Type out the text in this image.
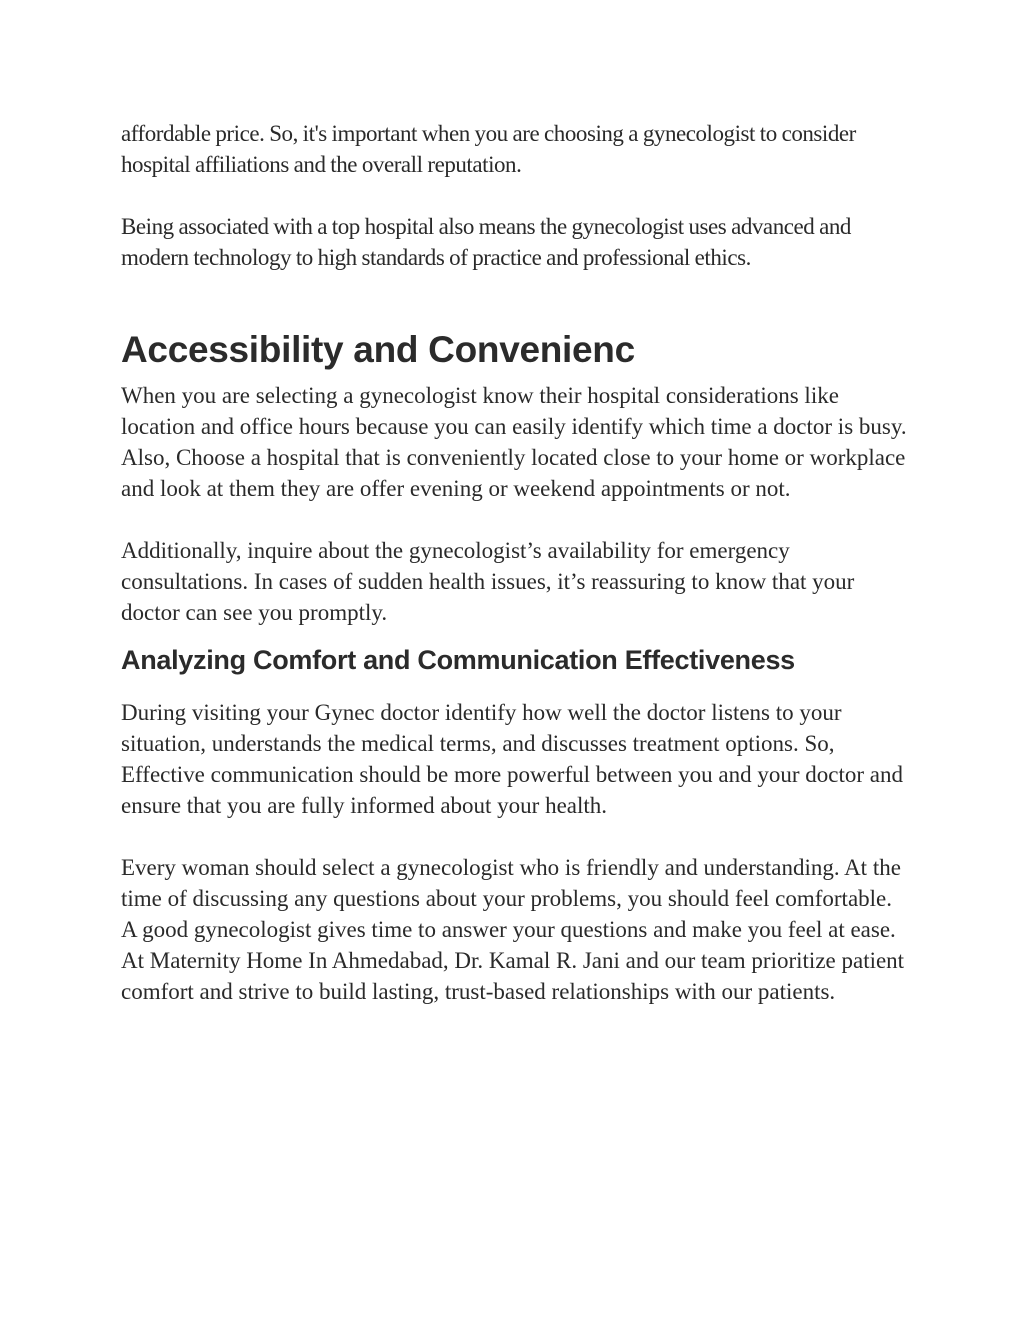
affordable price. So, it's important when you are choosing a gynecologist to consider hospital affiliations and the overall reputation.

Being associated with a top hospital also means the gynecologist uses advanced and modern technology to high standards of practice and professional ethics.

Accessibility and Convenienc

When you are selecting a gynecologist know their hospital considerations like location and office hours because you can easily identify which time a doctor is busy. Also, Choose a hospital that is conveniently located close to your home or workplace and look at them they are offer evening or weekend appointments or not.

Additionally, inquire about the gynecologist’s availability for emergency consultations. In cases of sudden health issues, it’s reassuring to know that your doctor can see you promptly.

Analyzing Comfort and Communication Effectiveness

During visiting your Gynec doctor identify how well the doctor listens to your situation, understands the medical terms, and discusses treatment options. So, Effective communication should be more powerful between you and your doctor and ensure that you are fully informed about your health.

Every woman should select a gynecologist who is friendly and understanding. At the time of discussing any questions about your problems, you should feel comfortable. A good gynecologist gives time to answer your questions and make you feel at ease. At Maternity Home In Ahmedabad, Dr. Kamal R. Jani and our team prioritize patient comfort and strive to build lasting, trust-based relationships with our patients.
